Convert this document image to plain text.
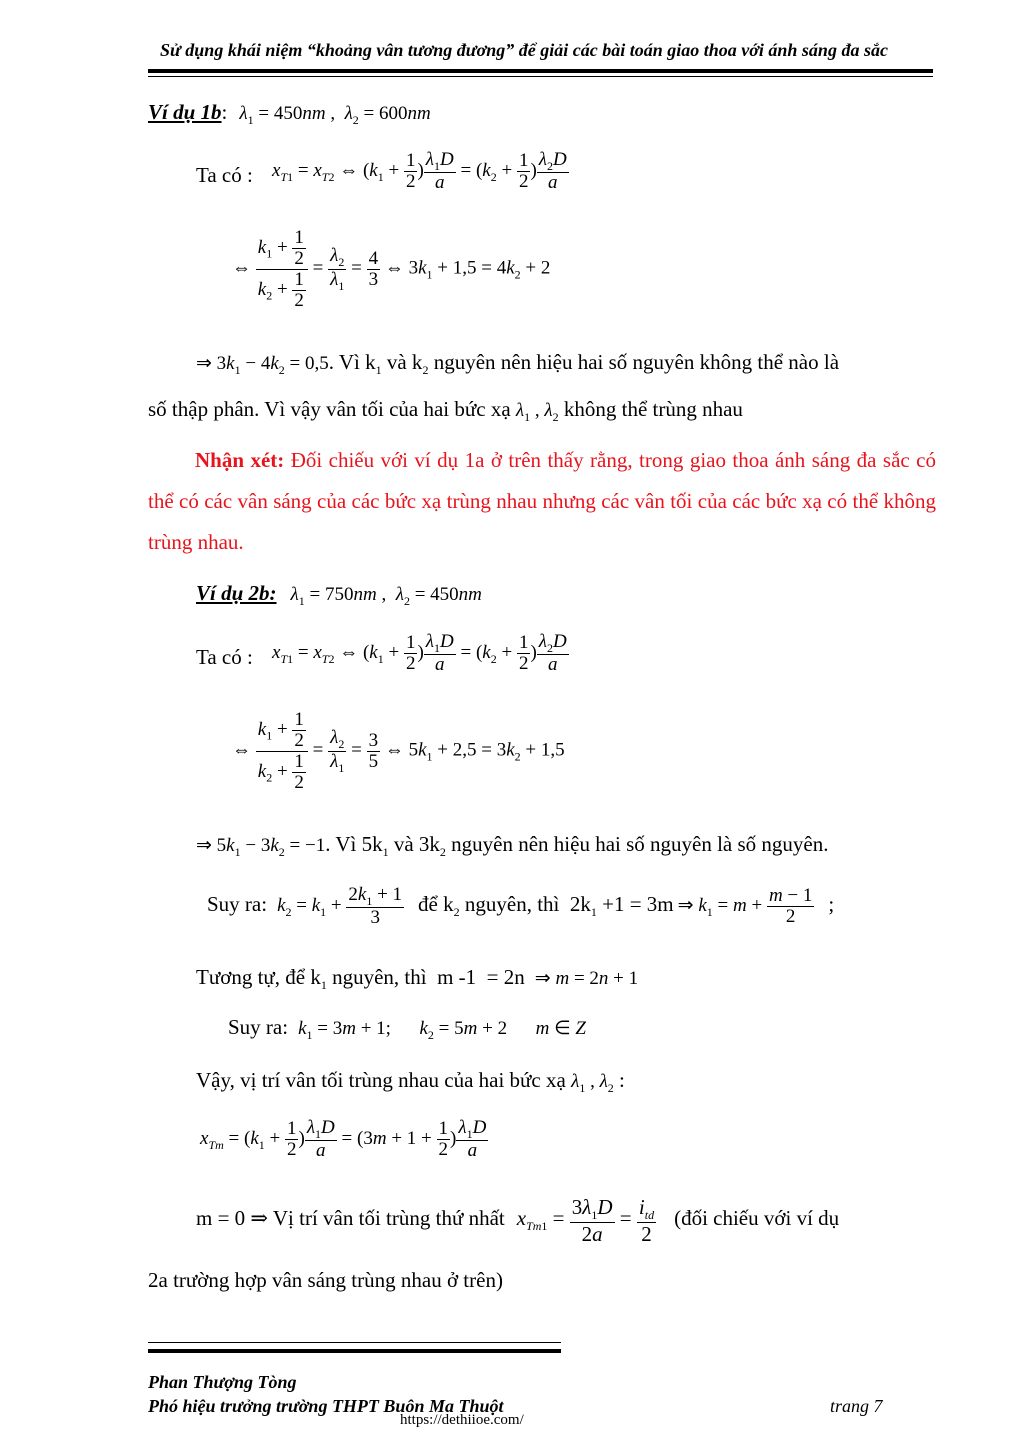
Sử dụng khái niệm “khoảng vân tương đương” để giải các bài toán giao thoa với ánh sáng đa sắc
Ví dụ 1b: $\lambda_1 = 450nm$ ,  $\lambda_2 = 600nm$
Ta có : $x_{T1} = x_{T2}$ ⇔ ($k_1 + \frac{1}{2}$ ) $\frac{\lambda_1D}{a} = (k_2 + \frac{1}{2}$ ) $\frac{\lambda_2D}{a}$
⇔ $\frac{k_1 + \frac{1}{2}}{k_2 + \frac{1}{2}} = \frac{\lambda_2}{\lambda_1} = \frac{4}{3}$ ⇔ $3k_1 + 1,5 = 4k_2 + 2$
⇒ $3k_1 - 4k_2 = 0,5$. Vì $k_1$ và $k_2$ nguyên nên hiệu hai số nguyên không thể nào là
số thập phân. Vì vậy vân tối của hai bức xạ $\lambda_1$ , $\lambda_2$ không thể trùng nhau
Nhận xét: Đối chiếu với ví dụ 1a ở trên thấy rằng, trong giao thoa ánh sáng đa sắc có thể có các vân sáng của các bức xạ trùng nhau nhưng các vân tối của các bức xạ có thể không trùng nhau.
Ví dụ 2b: $\lambda_1 = 750nm$ ,  $\lambda_2 = 450nm$
Ta có : $x_{T1} = x_{T2}$ ⇔ ($k_1 + \frac{1}{2}$ ) $\frac{\lambda_1D}{a} = (k_2 + \frac{1}{2}$ ) $\frac{\lambda_2D}{a}$
⇔ $\frac{k_1 + \frac{1}{2}}{k_2 + \frac{1}{2}} = \frac{\lambda_2}{\lambda_1} = \frac{3}{5}$ ⇔ $5k_1 + 2,5 = 3k_2 + 1,5$
⇒ $5k_1 - 3k_2 = -1$. Vì $5k_1$ và $3k_2$ nguyên nên hiệu hai số nguyên là số nguyên.
Suy ra: $k_2 = k_1 + \frac{2k_1 + 1}{3}$ để $k_2$ nguyên, thì  $2k_1 +1 = 3m$ ⇒ $k_1 = m + \frac{m - 1}{2}$ ;
Tương tự, để $k_1$ nguyên, thì  m -1  = 2n ⇒ m = 2n + 1
Suy ra: $k_1 = 3m + 1$;      $k_2 = 5m + 2$      m ∈ Z
Vậy, vị trí vân tối trùng nhau của hai bức xạ $\lambda_1$ , $\lambda_2$ :
$x_{Tm} = (k_1 + \frac{1}{2}$ ) $\frac{\lambda_1D}{a} = (3m + 1 + \frac{1}{2}$ ) $\frac{\lambda_1D}{a}$
m = 0 ⇒ Vị trí vân tối trùng thứ nhất $x_{Tm1} = \frac{3\lambda_1D}{2a} = \frac{i_{td}}{2}$ (đối chiếu với ví dụ
2a trường hợp vân sáng trùng nhau ở trên)
Phan Thượng Tòng
Phó hiệu trưởng trường THPT Buôn Ma Thuột	trang 7
https://dethiioe.com/
